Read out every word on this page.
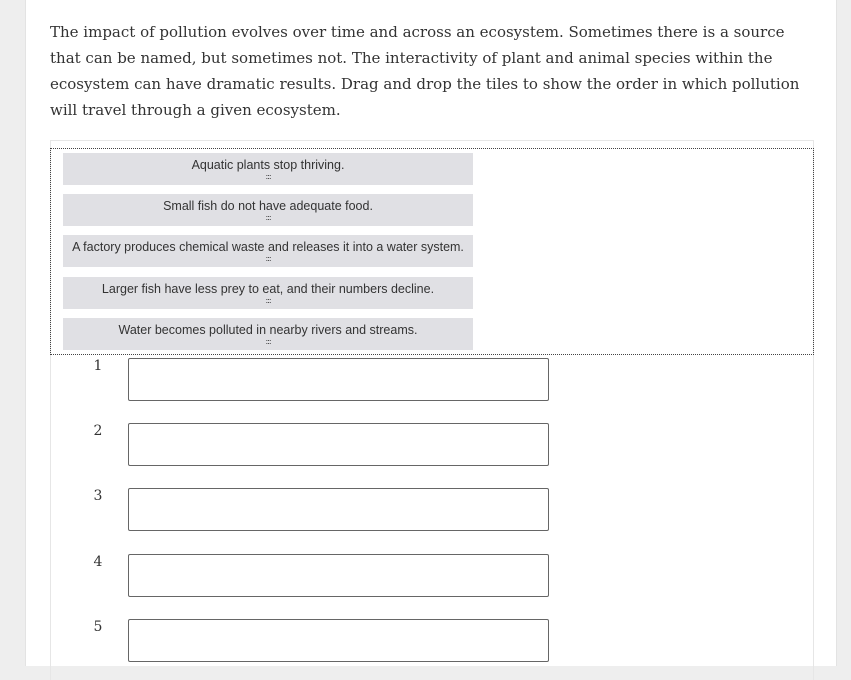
The impact of pollution evolves over time and across an ecosystem. Sometimes there is a source that can be named, but sometimes not. The interactivity of plant and animal species within the ecosystem can have dramatic results. Drag and drop the tiles to show the order in which pollution will travel through a given ecosystem.

Aquatic plants stop thriving.
:::
Small fish do not have adequate food.
:::
A factory produces chemical waste and releases it into a water system.
:::
Larger fish have less prey to eat, and their numbers decline.
:::
Water becomes polluted in nearby rivers and streams.
:::
1
2
3
4
5
